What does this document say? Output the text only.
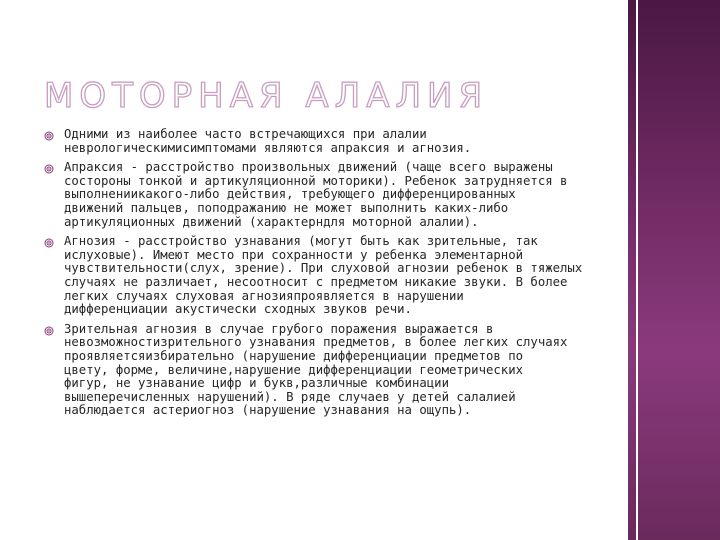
МОТОРНАЯ АЛАЛИЯ
Одними из наиболее часто встречающихся при алалии
неврологическимисимптомами являются апраксия и агнозия.
Апраксия - расстройство произвольных движений (чаще всего выражены
состороны тонкой и артикуляционной моторики). Ребенок затрудняется в
выполнениикакого-либо действия, требующего дифференцированных
движений пальцев, поподражанию не может выполнить каких-либо
артикуляционных движений (характерндля моторной алалии).
Агнозия - расстройство узнавания (могут быть как зрительные, так
ислуховые). Имеют место при сохранности у ребенка элементарной
чувствительности(слух, зрение). При слуховой агнозии ребенок в тяжелых
случаях не различает, несоотносит с предметом никакие звуки. В более
легких случаях слуховая агнозияпроявляется в нарушении
дифференциации акустически сходных звуков речи.
Зрительная агнозия в случае грубого поражения выражается в
невозможностизрительного узнавания предметов, в более легких случаях
проявляетсяизбирательно (нарушение дифференциации предметов по
цвету, форме, величине,нарушение дифференциации геометрических
фигур, не узнавание цифр и букв,различные комбинации
вышеперечисленных нарушений). В ряде случаев у детей салалией
наблюдается астериогноз (нарушение узнавания на ощупь).
